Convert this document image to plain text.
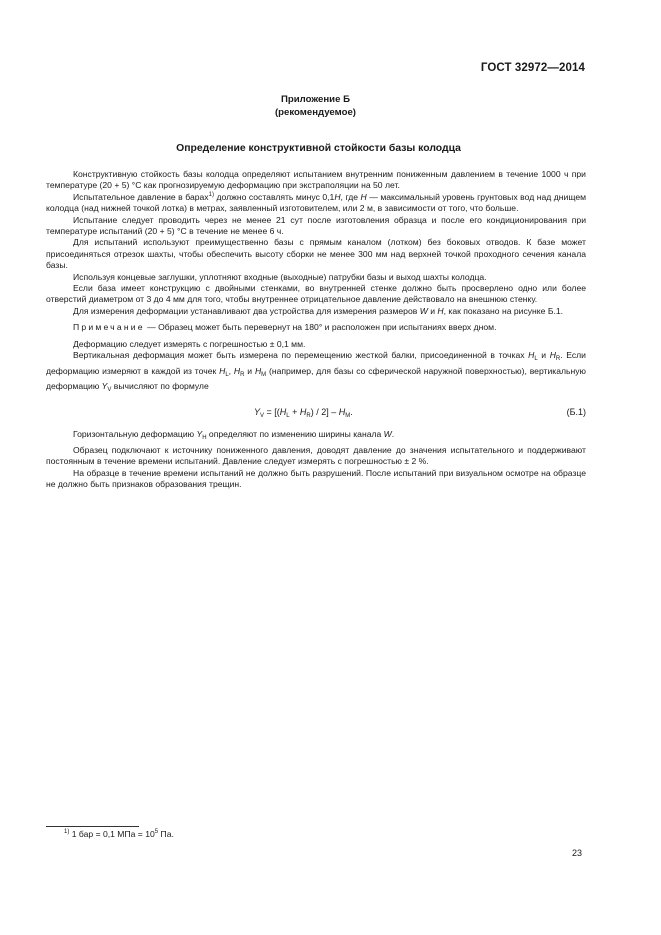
ГОСТ 32972—2014
Приложение Б
(рекомендуемое)
Определение конструктивной стойкости базы колодца

Конструктивную стойкость базы колодца определяют испытанием внутренним пониженным давлением в течение 1000 ч при температуре (20 + 5) °С как прогнозируемую деформацию при экстраполяции на 50 лет.

Испытательное давление в барах$^{1)}$ должно составлять минус 0,1H, где H — максимальный уровень грунтовых вод над днищем колодца (над нижней точкой лотка) в метрах, заявленный изготовителем, или 2 м, в зависимости от того, что больше.

Испытание следует проводить через не менее 21 сут после изготовления образца и после его кондиционирования при температуре испытаний (20 + 5) °С в течение не менее 6 ч.

Для испытаний используют преимущественно базы с прямым каналом (лотком) без боковых отводов. К базе может присоединяться отрезок шахты, чтобы обеспечить высоту сборки не менее 300 мм над верхней точкой проходного сечения канала базы.

Используя концевые заглушки, уплотняют входные (выходные) патрубки базы и выход шахты колодца.

Если база имеет конструкцию с двойными стенками, во внутренней стенке должно быть просверлено одно или более отверстий диаметром от 3 до 4 мм для того, чтобы внутреннее отрицательное давление действовало на внешнюю стенку.

Для измерения деформации устанавливают два устройства для измерения размеров W и H, как показано на рисунке Б.1.

Примечание — Образец может быть перевернут на 180° и расположен при испытаниях вверх дном.

Деформацию следует измерять с погрешностью ± 0,1 мм.

Вертикальная деформация может быть измерена по перемещению жесткой балки, присоединенной в точках $H_L$ и $H_R$. Если деформацию измеряют в каждой из точек $H_L$, $H_R$ и $H_M$ (например, для базы со сферической наружной поверхностью), вертикальную деформацию $Y_V$ вычисляют по формуле

$Y_V = [(H_L + H_R) / 2] - H_M$.	(Б.1)

Горизонтальную деформацию $Y_H$ определяют по изменению ширины канала W.

Образец подключают к источнику пониженного давления, доводят давление до значения испытательного и поддерживают постоянным в течение времени испытаний. Давление следует измерять с погрешностью ± 2 %.

На образце в течение времени испытаний не должно быть разрушений. После испытаний при визуальном осмотре на образце не должно быть признаков образования трещин.

$^{1)}$ 1 бар = 0,1 МПа = $10^5$ Па.
23
